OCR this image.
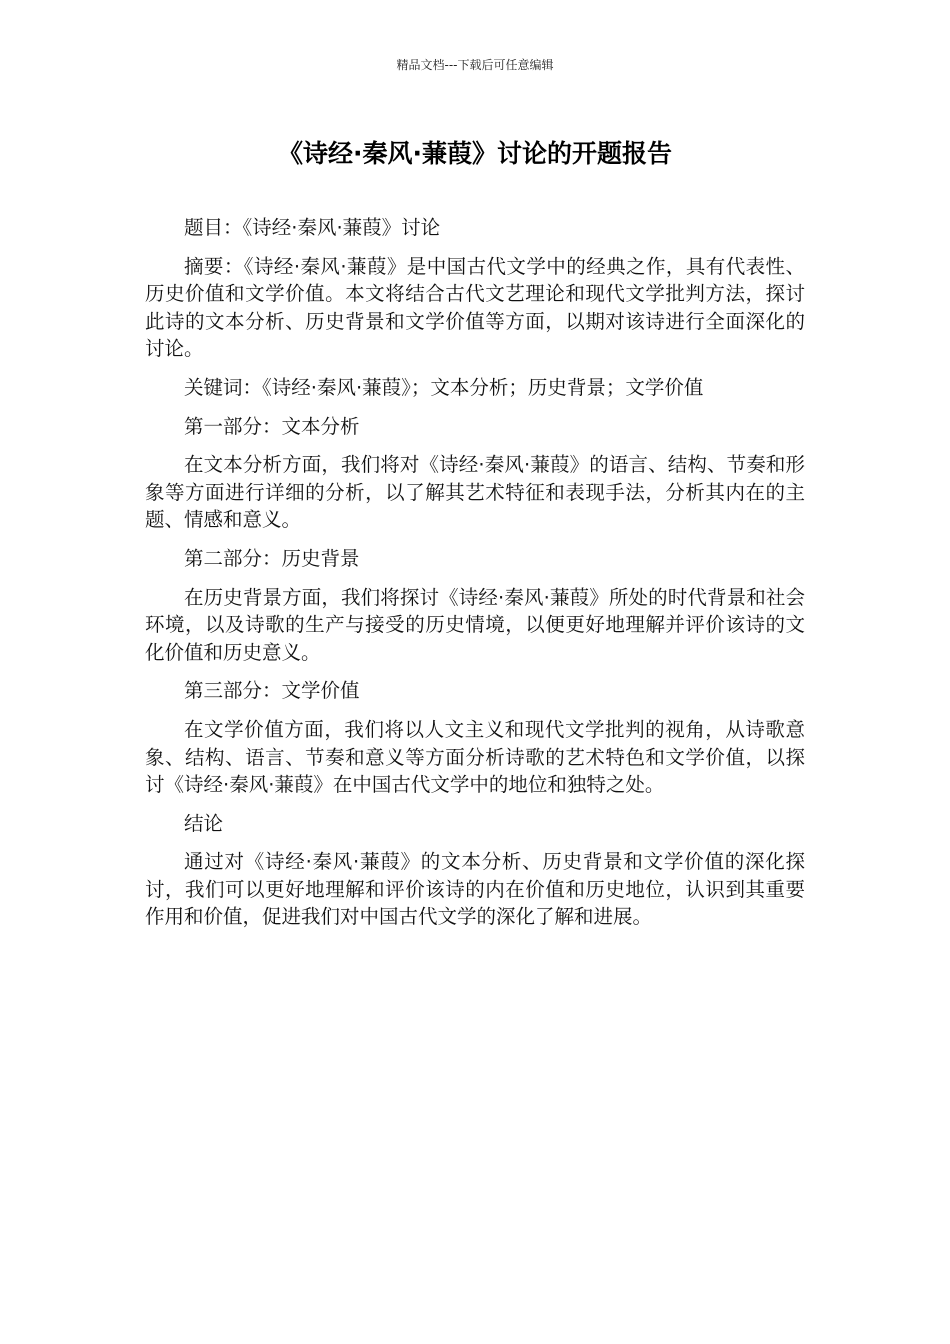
精品文档---下载后可任意编辑
《诗经·秦风·蒹葭》讨论的开题报告

题目：《诗经·秦风·蒹葭》讨论

摘要：《诗经·秦风·蒹葭》是中国古代文学中的经典之作，具有代表性、历史价值和文学价值。本文将结合古代文艺理论和现代文学批判方法，探讨此诗的文本分析、历史背景和文学价值等方面，以期对该诗进行全面深化的讨论。

关键词：《诗经·秦风·蒹葭》；文本分析；历史背景；文学价值

第一部分：文本分析

在文本分析方面，我们将对《诗经·秦风·蒹葭》的语言、结构、节奏和形象等方面进行详细的分析，以了解其艺术特征和表现手法，分析其内在的主题、情感和意义。

第二部分：历史背景

在历史背景方面，我们将探讨《诗经·秦风·蒹葭》所处的时代背景和社会环境，以及诗歌的生产与接受的历史情境，以便更好地理解并评价该诗的文化价值和历史意义。

第三部分：文学价值

在文学价值方面，我们将以人文主义和现代文学批判的视角，从诗歌意象、结构、语言、节奏和意义等方面分析诗歌的艺术特色和文学价值，以探讨《诗经·秦风·蒹葭》在中国古代文学中的地位和独特之处。

结论

通过对《诗经·秦风·蒹葭》的文本分析、历史背景和文学价值的深化探讨，我们可以更好地理解和评价该诗的内在价值和历史地位，认识到其重要作用和价值，促进我们对中国古代文学的深化了解和进展。
